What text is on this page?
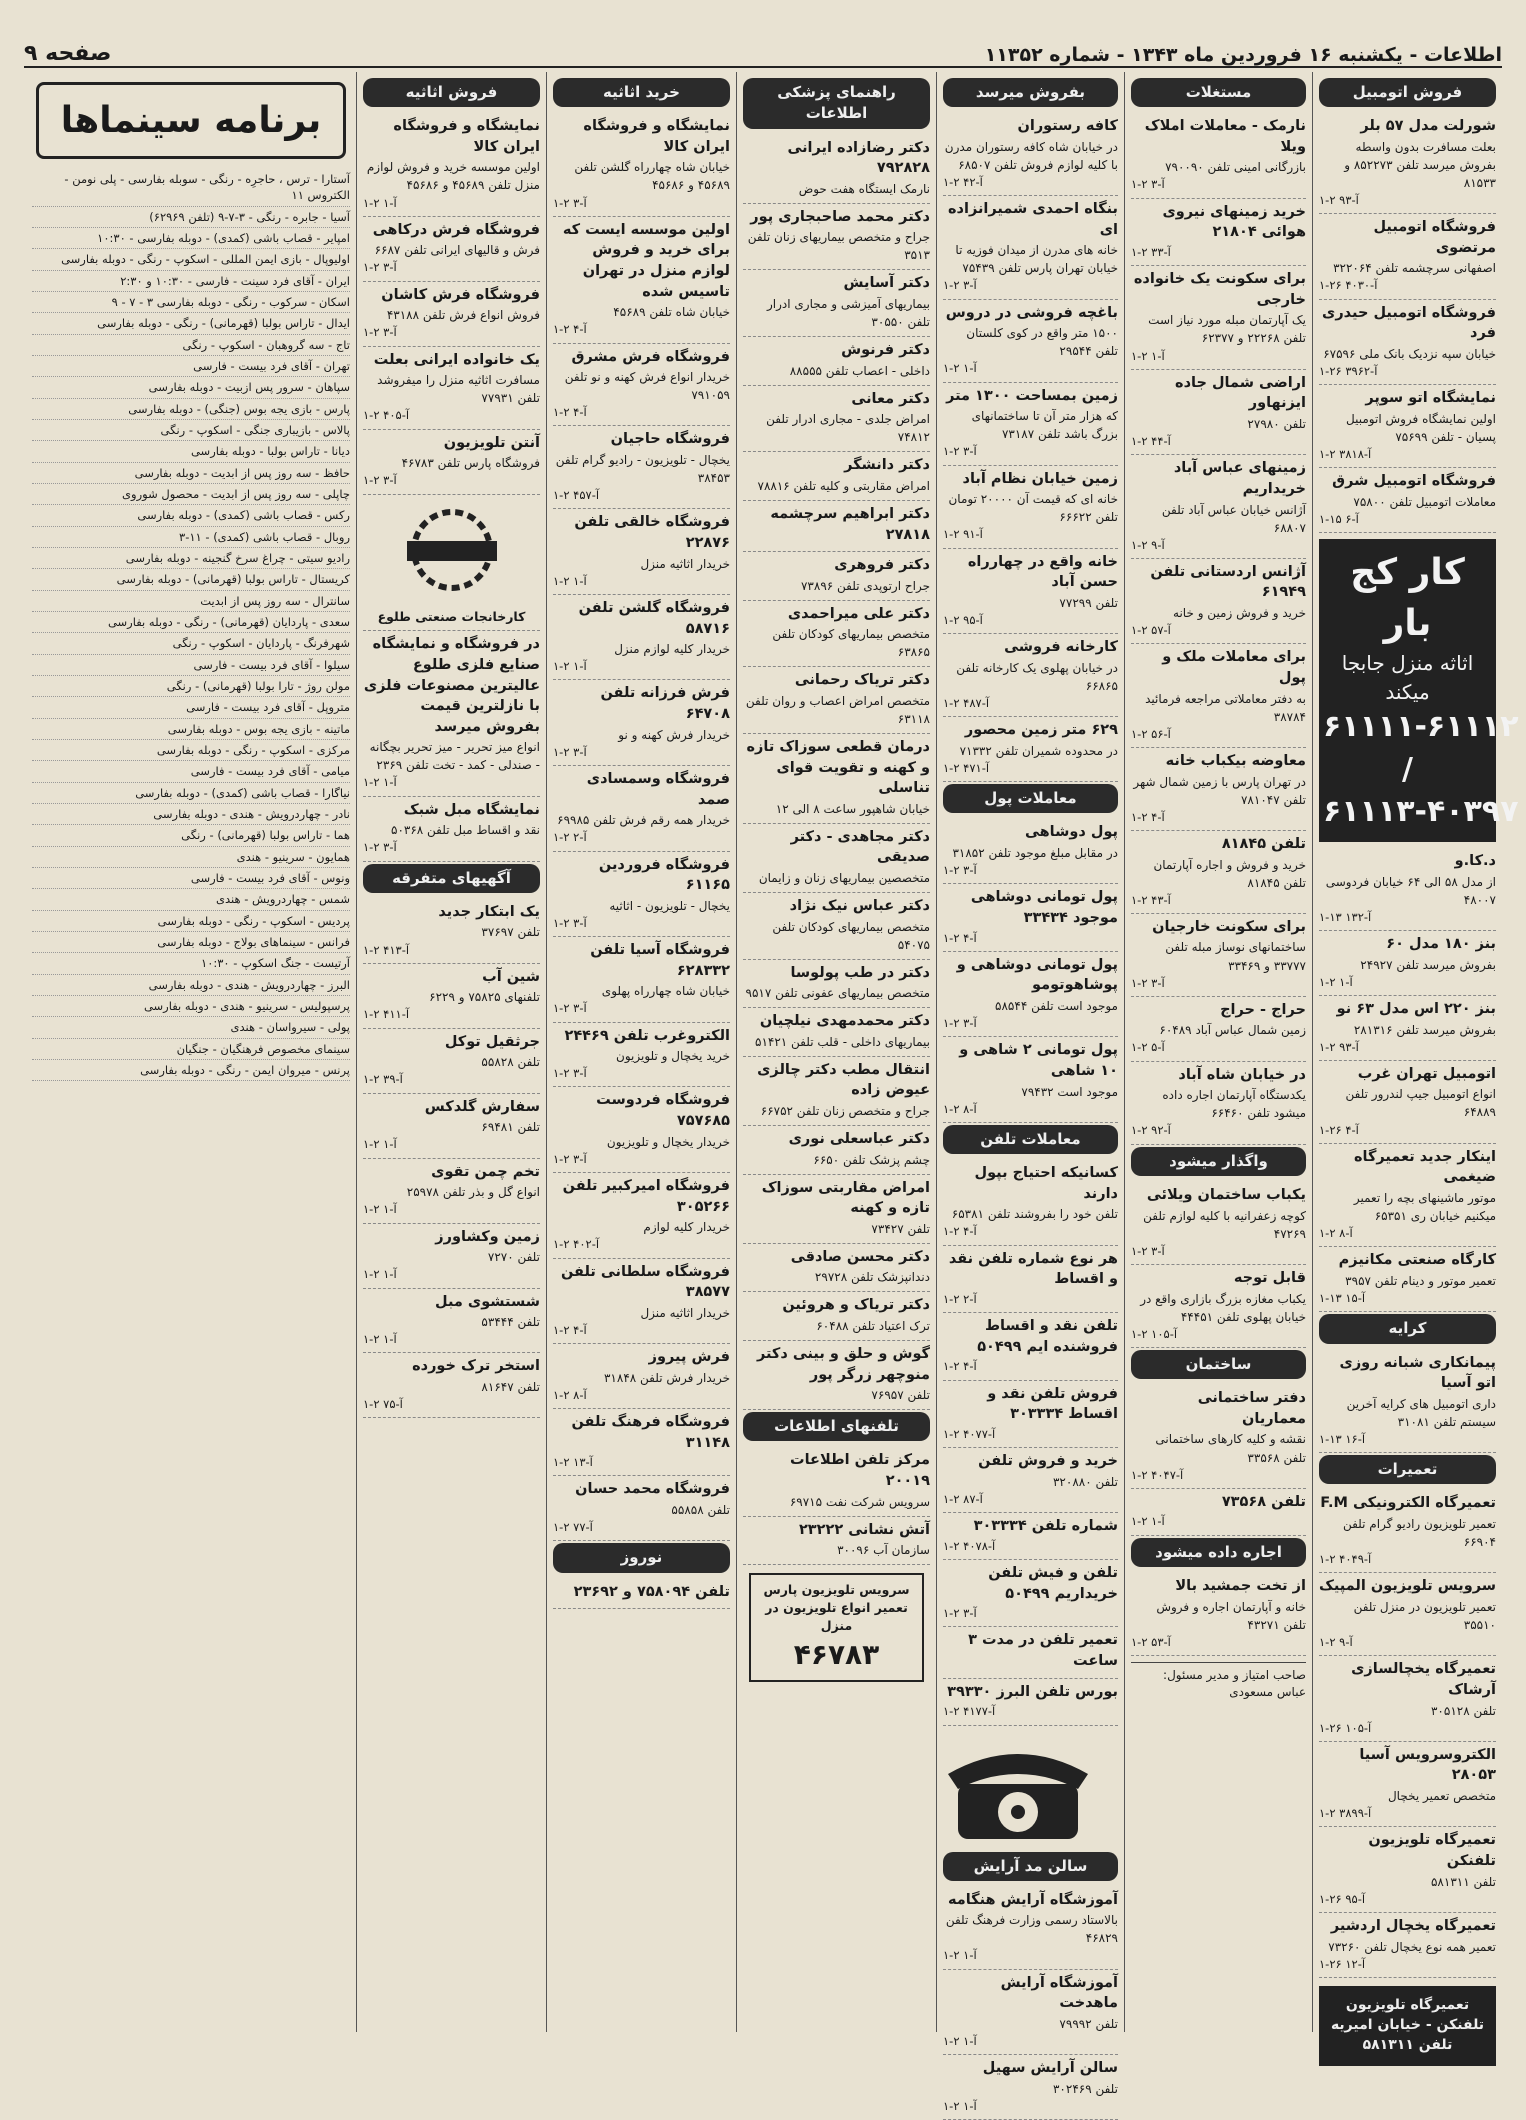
اطلاعات - یکشنبه ۱۶ فروردین ماه ۱۳۴۳ - شماره ۱۱۳۵۲
صفحه ۹
فروش اتومبیل
شورلت مدل ۵۷ بلر
بعلت مسافرت بدون واسطه بفروش میرسد تلفن ۸۵۲۲۷۳ و ۸۱۵۳۳
۱-۲ آ-۹۳
فروشگاه اتومبیل مرتضوی
اصفهانی سرچشمه تلفن ۳۲۲۰۶۴
۱-۲۶ ۴۰۳۰-آ
فروشگاه اتومبیل حیدری فرد
خیابان سپه نزدیک بانک ملی ۶۷۵۹۶
۱-۲۶ ۳۹۶۲-آ
نمایشگاه اتو سوپر
اولین نمایشگاه فروش اتومبیل پسیان - تلفن ۷۵۶۹۹
۱-۲ آ-۳۸۱۸
فروشگاه اتومبیل شرق
معاملات اتومبیل تلفن ۷۵۸۰۰
۱-۱۵ آ-۶
کار کج بار
اثاثه منزل جابجا میکند
۶۱۱۱۱-۶۱۱۱۲ / ۶۱۱۱۳-۴۰۳۹۷
د.کا.و
از مدل ۵۸ الی ۶۴ خیابان فردوسی ۴۸۰۰۷
۱-۱۳ آ-۱۳۲
بنز ۱۸۰ مدل ۶۰
بفروش میرسد تلفن ۲۴۹۲۷
۱-۲ آ-۱
بنز ۲۲۰ اس مدل ۶۳ نو
بفروش میرسد تلفن ۲۸۱۳۱۶
۱-۲ آ-۹۳
اتومبیل تهران غرب
انواع اتومبیل جیپ لندرور تلفن ۶۴۸۸۹
۱-۲۶ آ-۴
اینکار جدید تعمیرگاه ضیغمی
موتور ماشینهای بچه را تعمیر میکنیم خیابان ری ۶۵۳۵۱
۱-۲ آ-۸
کارگاه صنعتی مکانیزم
تعمیر موتور و دینام تلفن ۳۹۵۷
۱-۱۳ آ-۱۵
کرایه
پیمانکاری شبانه روزی اتو آسیا
داری اتومبیل های کرایه آخرین سیستم تلفن ۳۱۰۸۱
۱-۱۳ آ-۱۶
تعمیرات
تعمیرگاه الکترونیکی F.M
تعمیر تلویزیون رادیو گرام تلفن ۶۶۹۰۴
۱-۲ آ-۴۰۴۹
سرویس تلویزیون المپیک
تعمیر تلویزیون در منزل تلفن ۳۵۵۱۰
۱-۲ آ-۹
تعمیرگاه یخچالسازی آرشاک
تلفن ۳۰۵۱۲۸
۱-۲۶ آ-۱۰۵
الکتروسرویس آسیا ۲۸۰۵۳
متخصص تعمیر یخچال
۱-۲ آ-۳۸۹۹
تعمیرگاه تلویزیون تلفنکن
تلفن ۵۸۱۳۱۱
۱-۲۶ آ-۹۵
تعمیرگاه یخچال اردشیر
تعمیر همه نوع یخچال تلفن ۷۳۲۶۰
۱-۲۶ آ-۱۲
تعمیرگاه تلویزیون تلفنکن - خیابان امیریه تلفن ۵۸۱۳۱۱
مستغلات
نارمک - معاملات املاک ویلا
بازرگانی امینی تلفن ۷۹۰۰۹۰
۱-۲ آ-۳
خرید زمینهای نیروی هوائی ۲۱۸۰۴
۱-۲ آ-۳۳
برای سکونت یک خانواده خارجی
یک آپارتمان مبله مورد نیاز است تلفن ۲۲۲۶۸ و ۶۲۳۷۷
۱-۲ آ-۱
اراضی شمال جاده ایزنهاور
تلفن ۲۷۹۸۰
۱-۲ آ-۴۴
زمینهای عباس آباد خریداریم
آژانس خیابان عباس آباد تلفن ۶۸۸۰۷
۱-۲ آ-۹
آژانس اردستانی تلفن ۶۱۹۴۹
خرید و فروش زمین و خانه
۱-۲ آ-۵۷
برای معاملات ملک و پول
به دفتر معاملاتی مراجعه فرمائید ۳۸۷۸۴
۱-۲ آ-۵۶
معاوضه بیکباب خانه
در تهران پارس با زمین شمال شهر تلفن ۷۸۱۰۴۷
۱-۲ آ-۴
تلفن ۸۱۸۴۵
خرید و فروش و اجاره آپارتمان تلفن ۸۱۸۴۵
۱-۲ آ-۴۳
برای سکونت خارجیان
ساختمانهای نوساز مبله تلفن ۳۳۷۷۷ و ۳۳۴۶۹
۱-۲ آ-۳
حراج - حراج
زمین شمال عباس آباد ۶۰۴۸۹
۱-۲ آ-۵
در خیابان شاه آباد
یکدستگاه آپارتمان اجاره داده میشود تلفن ۶۶۴۶۰
۱-۲ آ-۹۲
واگذار میشود
یکباب ساختمان ویلائی
کوچه زعفرانیه با کلیه لوازم تلفن ۴۷۲۶۹
۱-۲ آ-۳
قابل توجه
یکباب مغازه بزرگ بازاری واقع در خیابان پهلوی تلفن ۴۴۴۵۱
۱-۲ آ-۱۰۵
ساختمان
دفتر ساختمانی معماریان
نقشه و کلیه کارهای ساختمانی تلفن ۳۳۵۶۸
۱-۲ آ-۴۰۴۷
تلفن ۷۳۵۶۸
۱-۲ آ-۱
اجاره داده میشود
از تخت جمشید بالا
خانه و آپارتمان اجاره و فروش تلفن ۴۳۲۷۱
۱-۲ آ-۵۳
صاحب امتیاز و مدیر مسئول: عباس مسعودی
بفروش میرسد
کافه رستوران
در خیابان شاه کافه رستوران مدرن با کلیه لوازم فروش تلفن ۶۸۵۰۷
۱-۲ آ-۴۲
بنگاه احمدی شمیرانزاده ای
خانه های مدرن از میدان فوزیه تا خیابان تهران پارس تلفن ۷۵۴۳۹
۱-۲ آ-۳
باغچه فروشی در دروس
۱۵۰۰ متر واقع در کوی کلستان تلفن ۲۹۵۴۴
۱-۲ آ-۱
زمین بمساحت ۱۳۰۰ متر
که هزار متر آن تا ساختمانهای بزرگ باشد تلفن ۷۳۱۸۷
۱-۲ آ-۳
زمین خیابان نظام آباد
خانه ای که قیمت آن ۲۰۰۰۰ تومان تلفن ۶۶۶۲۲
۱-۲ آ-۹۱
خانه واقع در چهارراه حسن آباد
تلفن ۷۷۲۹۹
۱-۲ آ-۹۵
کارخانه فروشی
در خیابان پهلوی یک کارخانه تلفن ۶۶۸۶۵
۱-۲ آ-۴۸۷
۶۲۹ متر زمین محصور
در محدوده شمیران تلفن ۷۱۳۳۲
۱-۲ آ-۴۷۱
معاملات پول
پول دوشاهی
در مقابل مبلغ موجود تلفن ۳۱۸۵۲
۱-۲ آ-۳
پول تومانی دوشاهی موجود ۳۳۴۳۴
۱-۲ آ-۴
پول تومانی دوشاهی و پوشاهوتومو
موجود است تلفن ۵۸۵۴۴
۱-۲ آ-۳
پول تومانی ۲ شاهی و ۱۰ شاهی
موجود است ۷۹۴۳۲
۱-۲ آ-۸
معاملات تلفن
کسانیکه احتیاج بپول دارند
تلفن خود را بفروشند تلفن ۶۵۳۸۱
۱-۲ آ-۴
هر نوع شماره تلفن نقد و اقساط
۱-۲ آ-۲
تلفن نقد و اقساط فروشنده ایم ۵۰۴۹۹
۱-۲ آ-۴
فروش تلفن نقد و اقساط ۳۰۳۳۳۴
۱-۲ آ-۴۰۷۷
خرید و فروش تلفن
تلفن ۳۲۰۸۸۰
۱-۲ آ-۸۷
شماره تلفن ۳۰۳۳۳۴
۱-۲ آ-۴۰۷۸
تلفن و فیش تلفن خریداریم ۵۰۴۹۹
۱-۲ آ-۳
تعمیر تلفن در مدت ۳ ساعت
بورس تلفن البرز ۳۹۳۳۰
۱-۲ آ-۴۱۷۷
سالن مد آرایش
آموزشگاه آرایش هنگامه
بالاستاد رسمی وزارت فرهنگ تلفن ۴۶۸۲۹
۱-۲ آ-۱
آموزشگاه آرایش ماهدخت
تلفن ۷۹۹۹۲
۱-۲ آ-۱
سالن آرایش سهیل
تلفن ۳۰۲۴۶۹
۱-۲ آ-۱
راهنمای پزشکی اطلاعات
دکتر رضازاده ایرانی ۷۹۲۸۲۸
نارمک ایستگاه هفت حوض
دکتر محمد صاحبجاری پور
جراح و متخصص بیماریهای زنان تلفن ۳۵۱۳
دکتر آسایش
بیماریهای آمیزشی و مجاری ادرار تلفن ۳۰۵۵۰
دکتر فرنوش
داخلی - اعصاب تلفن ۸۸۵۵۵
دکتر معانی
امراض جلدی - مجاری ادرار تلفن ۷۴۸۱۲
دکتر دانشگر
امراض مقاربتی و کلیه تلفن ۷۸۸۱۶
دکتر ابراهیم سرچشمه ۲۷۸۱۸
دکتر فروهری
جراح ارتوپدی تلفن ۷۳۸۹۶
دکتر علی میراحمدی
متخصص بیماریهای کودکان تلفن ۶۳۸۶۵
دکتر تریاک رحمانی
متخصص امراض اعصاب و روان تلفن ۶۳۱۱۸
درمان قطعی سوزاک تازه و کهنه و تقویت قوای تناسلی
خیابان شاهپور ساعت ۸ الی ۱۲
دکتر مجاهدی - دکتر صدیقی
متخصصین بیماریهای زنان و زایمان
دکتر عباس نیک نژاد
متخصص بیماریهای کودکان تلفن ۵۴۰۷۵
دکتر در طب پولوسا
متخصص بیماریهای عفونی تلفن ۹۵۱۷
دکتر محمدمهدی نیلچیان
بیماریهای داخلی - قلب تلفن ۵۱۴۲۱
انتقال مطب دکتر چالزی عیوض زاده
جراح و متخصص زنان تلفن ۶۶۷۵۲
دکتر عباسعلی نوری
چشم پزشک تلفن ۶۶۵۰
امراض مقاربتی سوزاک تازه و کهنه
تلفن ۷۳۴۲۷
دکتر محسن صادقی
دندانپزشک تلفن ۲۹۷۲۸
دکتر تریاک و هروئین
ترک اعتیاد تلفن ۶۰۴۸۸
گوش و حلق و بینی دکتر منوچهر زرگر پور
تلفن ۷۶۹۵۷
تلفنهای اطلاعات
مرکز تلفن اطلاعات ۲۰۰۱۹
سرویس شرکت نفت ۶۹۷۱۵
آتش نشانی ۲۳۲۲۲
سازمان آب ۳۰۰۹۶
سرویس تلویزیون پارس
تعمیر انواع تلویزیون در منزل
۴۶۷۸۳
خرید اثاثیه
نمایشگاه و فروشگاه ایران کالا
خیابان شاه چهارراه گلشن تلفن ۴۵۶۸۹ و ۴۵۶۸۶
۱-۲ آ-۳
اولین موسسه ایست که برای خرید و فروش لوازم منزل در تهران تاسیس شده
خیابان شاه تلفن ۴۵۶۸۹
۱-۲ آ-۴
فروشگاه فرش مشرق
خریدار انواع فرش کهنه و نو تلفن ۷۹۱۰۵۹
۱-۲ آ-۴
فروشگاه حاجیان
یخچال - تلویزیون - رادیو گرام تلفن ۳۸۴۵۳
۱-۲ آ-۴۵۷
فروشگاه خالقی تلفن ۲۲۸۷۶
خریدار اثاثیه منزل
۱-۲ آ-۱
فروشگاه گلشن تلفن ۵۸۷۱۶
خریدار کلیه لوازم منزل
۱-۲ آ-۱
فرش فرزانه تلفن ۶۴۷۰۸
خریدار فرش کهنه و نو
۱-۲ آ-۳
فروشگاه وسمسادی صمد
خریدار همه رقم فرش تلفن ۶۹۹۸۵
۱-۲ آ-۲
فروشگاه فروردین ۶۱۱۶۵
یخچال - تلویزیون - اثاثیه
۱-۲ آ-۳
فروشگاه آسیا تلفن ۶۲۸۳۳۲
خیابان شاه چهارراه پهلوی
۱-۲ آ-۳
الکتروغرب تلفن ۲۴۴۶۹
خرید یخچال و تلویزیون
۱-۲ آ-۳
فروشگاه فردوست ۷۵۷۶۸۵
خریدار یخچال و تلویزیون
۱-۲ آ-۳
فروشگاه امیرکبیر تلفن ۳۰۵۲۶۶
خریدار کلیه لوازم
۱-۲ آ-۴۰۲
فروشگاه سلطانی تلفن ۳۸۵۷۷
خریدار اثاثیه منزل
۱-۲ آ-۴
فرش پیروز
خریدار فرش تلفن ۳۱۸۴۸
۱-۲ آ-۸
فروشگاه فرهنگ تلفن ۳۱۱۴۸
۱-۲ آ-۱۳
فروشگاه محمد حسان
تلفن ۵۵۸۵۸
۱-۲ آ-۷۷
نوروز
تلفن ۷۵۸۰۹۴ و ۲۳۶۹۲
فروش اثاثیه
نمایشگاه و فروشگاه ایران کالا
اولین موسسه خرید و فروش لوازم منزل تلفن ۴۵۶۸۹ و ۴۵۶۸۶
۱-۲ آ-۱
فروشگاه فرش درکاهی
فرش و قالیهای ایرانی تلفن ۶۶۸۷
۱-۲ آ-۳
فروشگاه فرش کاشان
فروش انواع فرش تلفن ۴۳۱۸۸
۱-۲ آ-۳
یک خانواده ایرانی بعلت
مسافرت اثاثیه منزل را میفروشد تلفن ۷۷۹۳۱
۱-۲ آ-۴۰۵
آنتن تلویزیون
فروشگاه پارس تلفن ۴۶۷۸۳
۱-۲ آ-۳
کارخانجات صنعتی طلوع
در فروشگاه و نمایشگاه صنایع فلزی طلوع عالیترین مصنوعات فلزی با نازلترین قیمت بفروش میرسد
انواع میز تحریر - میز تحریر بچگانه - صندلی - کمد - تخت تلفن ۲۳۶۹
۱-۲ آ-۱
نمایشگاه مبل شبک
نقد و اقساط مبل تلفن ۵۰۳۶۸
۱-۲ آ-۳
آگهیهای متفرقه
یک ابتکار جدید
تلفن ۳۷۶۹۷
۱-۲ آ-۴۱۳
شین آب
تلفنهای ۷۵۸۲۵ و ۶۲۲۹
۱-۲ آ-۴۱۱
جرثقیل توکل
تلفن ۵۵۸۲۸
۱-۲ آ-۳۹
سفارش گلدکس
تلفن ۶۹۴۸۱
۱-۲ آ-۱
تخم چمن تقوی
انواع گل و بذر تلفن ۲۵۹۷۸
۱-۲ آ-۱
زمین وکشاورز
تلفن ۷۲۷۰
۱-۲ آ-۱
شستشوی مبل
تلفن ۵۳۴۴۴
۱-۲ آ-۱
استخر ترک خورده
تلفن ۸۱۶۴۷
۱-۲ آ-۷۵
برنامه سینماها
آستارا - ترس ، حاجرِه - رنگی - سوبله بفارسی - پلی نومن - الکتروس ۱۱
آسیا - جابره - رنگی - ۳-۷-۹ (تلفن ۶۲۹۶۹)
امپایر - قصاب باشی (کمدی) - دوبله بفارسی - ۱۰:۳۰
اولیوپال - بازی ایمن المللی - اسکوپ - رنگی - دوبله بفارسی
ایران - آقای فرد سینت - فارسی - ۱۰:۳۰ و ۲:۳۰
اسکان - سرکوب - رنگی - دوبله بفارسی ۳ - ۷ - ۹
ایدال - تاراس بولبا (قهرمانی) - رنگی - دوبله بفارسی
تاج - سه گروهبان - اسکوپ - رنگی
تهران - آقای فرد بیست - فارسی
سپاهان - سرور پس ازبیت - دوبله بفارسی
پارس - بازی یجه بوس (جنگی) - دوبله بفارسی
پالاس - بازیباری جنگی - اسکوپ - رنگی
دیانا - تاراس بولبا - دوبله بفارسی
حافظ - سه روز پس از ابدیت - دوبله بفارسی
چاپلی - سه روز پس از ابدیت - محصول شوروی
رکس - قصاب باشی (کمدی) - دوبله بفارسی
روبال - قصاب باشی (کمدی) - ۱۱-۳
رادیو سیتی - چراغ سرخ گنجینه - دوبله بفارسی
کریستال - تاراس بولبا (قهرمانی) - دوبله بفارسی
سانترال - سه روز پس از ابدیت
سعدی - پاردایان (قهرمانی) - رنگی - دوبله بفارسی
شهرفرنگ - پاردایان - اسکوپ - رنگی
سیلوا - آقای فرد بیست - فارسی
مولن روژ - تارا بولبا (قهرمانی) - رنگی
متروپل - آقای فرد بیست - فارسی
ماتینه - بازی یجه بوس - دوبله بفارسی
مرکزی - اسکوپ - رنگی - دوبله بفارسی
میامی - آقای فرد بیست - فارسی
نیاگارا - قصاب باشی (کمدی) - دوبله بفارسی
نادر - چهاردرویش - هندی - دوبله بفارسی
هما - تاراس بولبا (قهرمانی) - رنگی
همایون - سرینیو - هندی
ونوس - آقای فرد بیست - فارسی
شمس - چهاردرویش - هندی
پردیس - اسکوپ - رنگی - دوبله بفارسی
فرانس - سینماهای بولاج - دوبله بفارسی
آرتیست - جنگ اسکوپ - ۱۰:۳۰
البرز - چهاردرویش - هندی - دوبله بفارسی
پرسپولیس - سرینیو - هندی - دوبله بفارسی
پولی - سیرواسان - هندی
سینمای مخصوص فرهنگیان - جنگیان
پرنس - میروان ایمن - رنگی - دوبله بفارسی
